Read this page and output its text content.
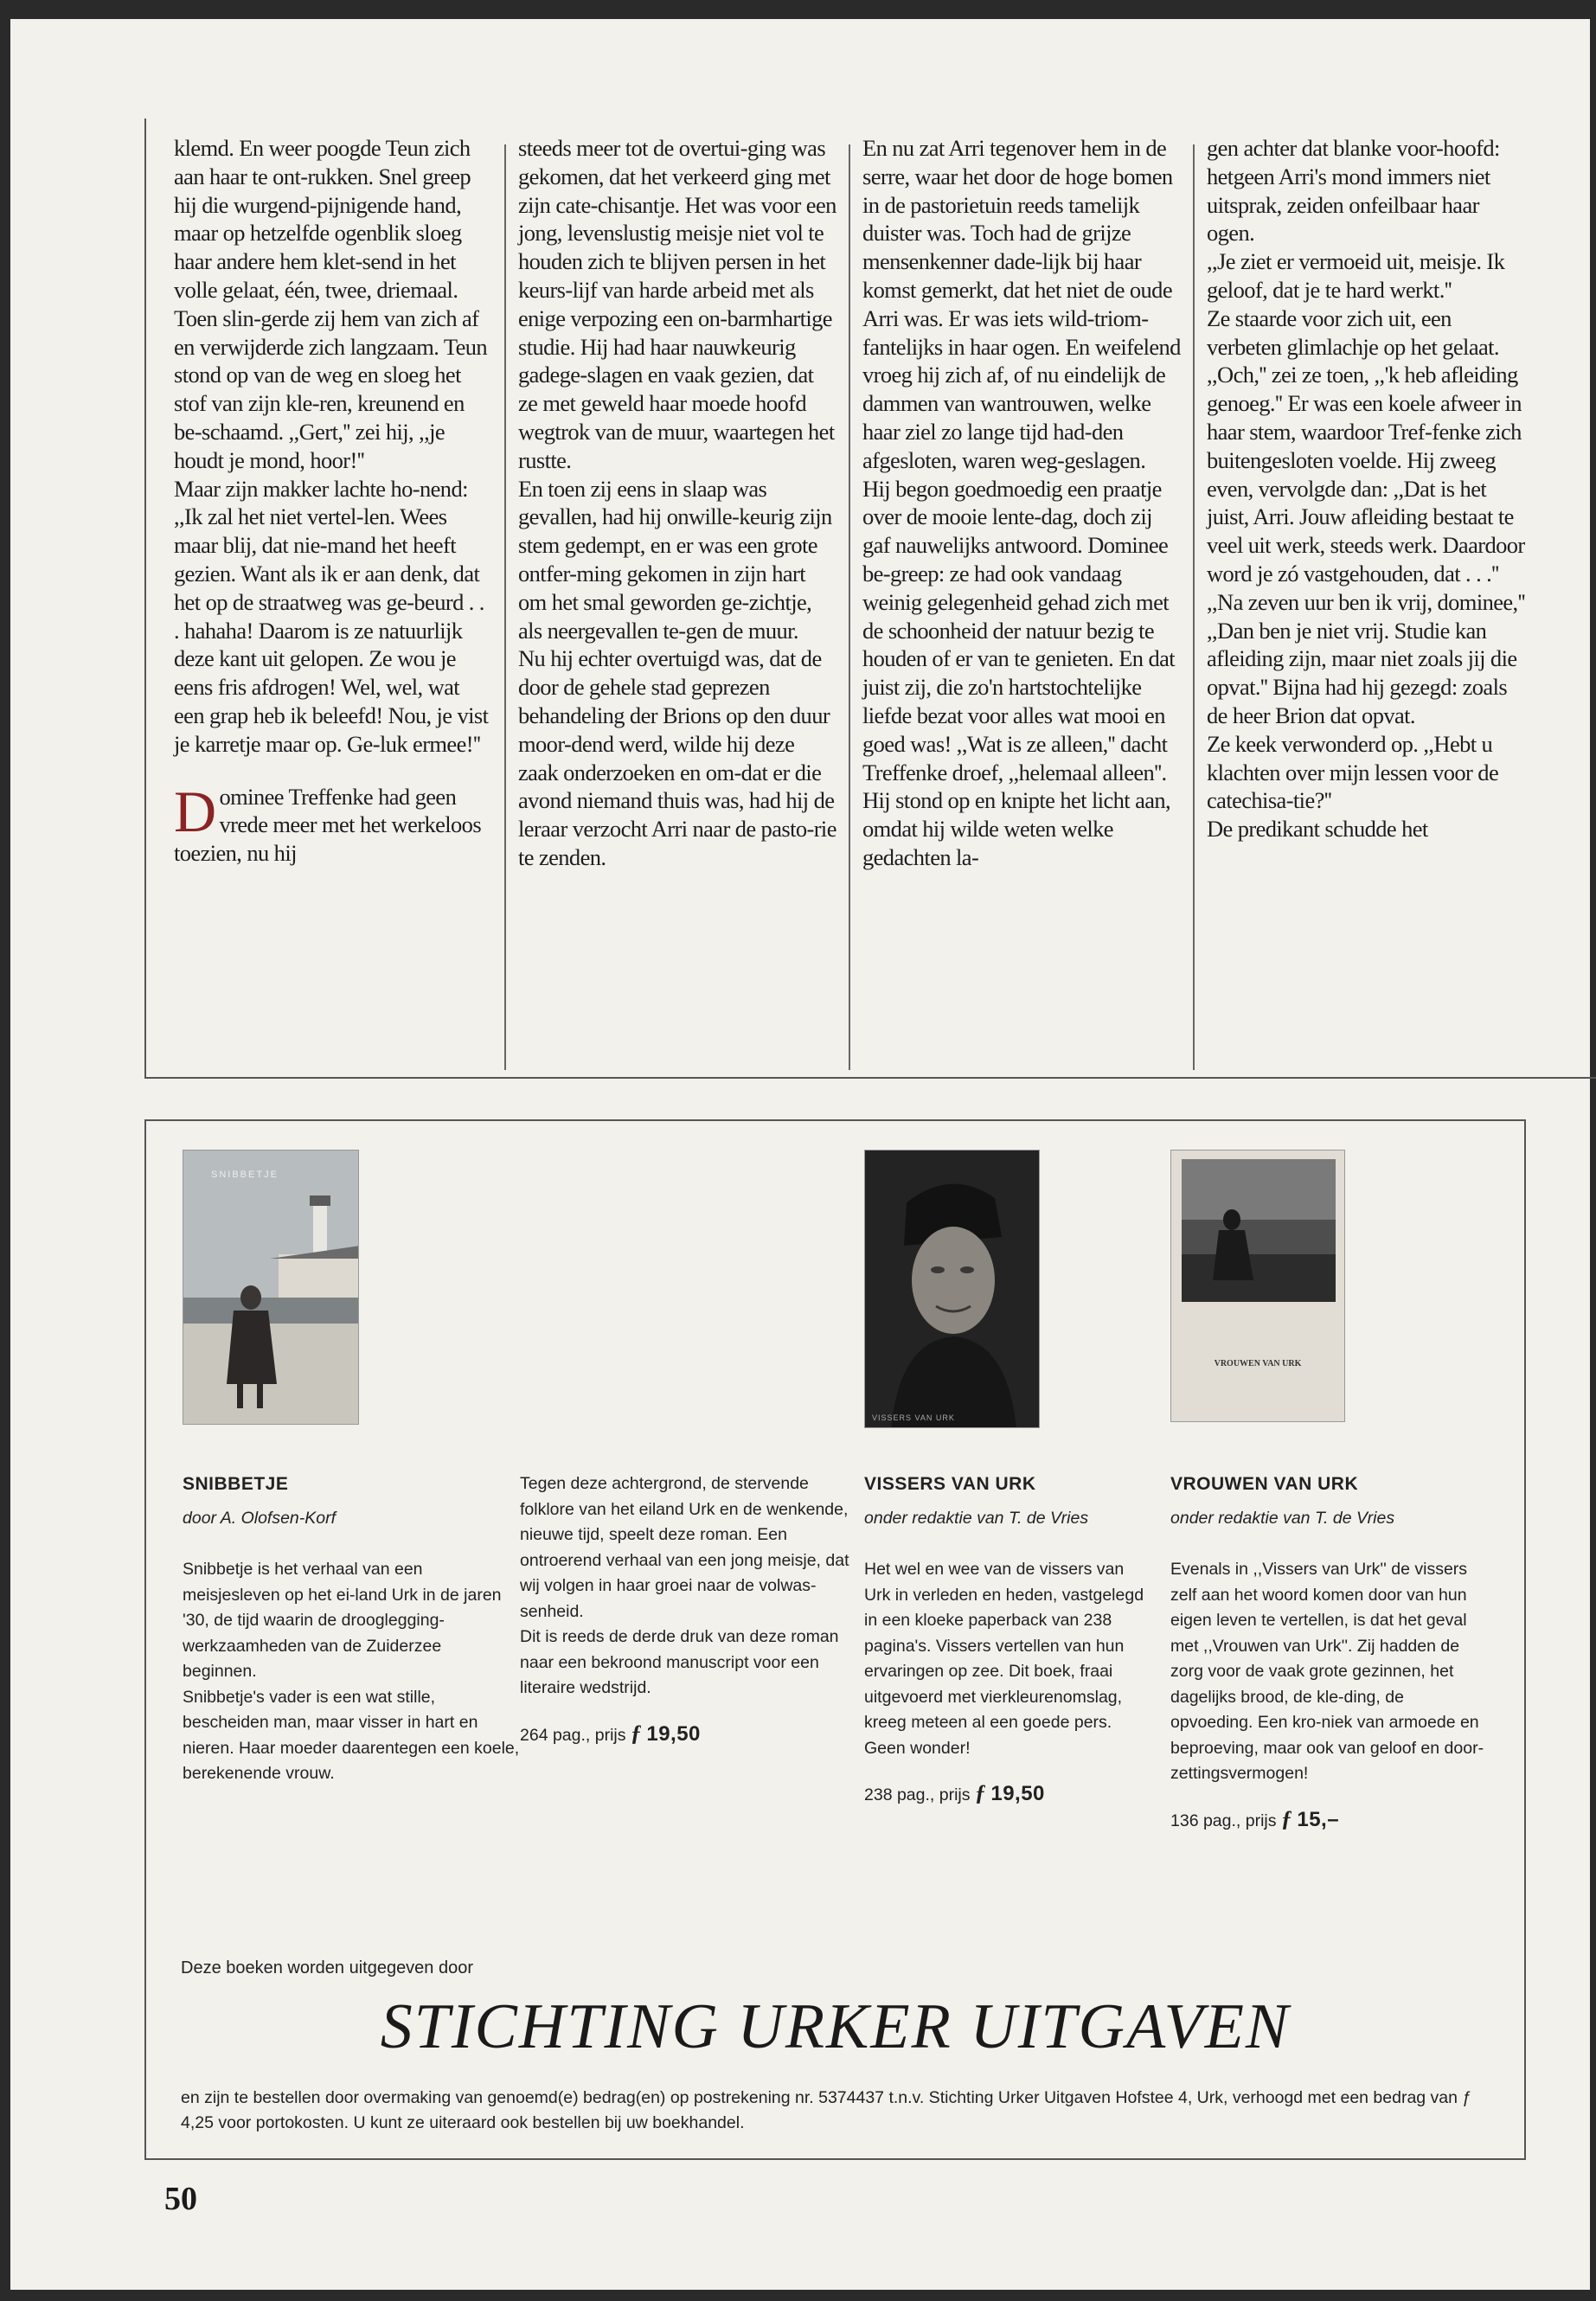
klemd. En weer poogde Teun zich aan haar te ont-rukken. Snel greep hij die wurgend-pijnigende hand, maar op hetzelfde ogenblik sloeg haar andere hem klet-send in het volle gelaat, één, twee, driemaal. Toen slin-gerde zij hem van zich af en verwijderde zich langzaam. Teun stond op van de weg en sloeg het stof van zijn kle-ren, kreunend en be-schaamd. ,,Gert,'' zei hij, ,,je houdt je mond, hoor!''

Maar zijn makker lachte ho-nend: ,,Ik zal het niet vertel-len. Wees maar blij, dat nie-mand het heeft gezien. Want als ik er aan denk, dat het op de straatweg was ge-beurd . . . hahaha! Daarom is ze natuurlijk deze kant uit gelopen. Ze wou je eens fris afdrogen! Wel, wel, wat een grap heb ik beleefd! Nou, je vist je karretje maar op. Ge-luk ermee!''

Dominee Treffenke had geen vrede meer met het werkeloos toezien, nu hij

steeds meer tot de overtui-ging was gekomen, dat het verkeerd ging met zijn cate-chisantje. Het was voor een jong, levenslustig meisje niet vol te houden zich te blijven persen in het keurs-lijf van harde arbeid met als enige verpozing een on-barmhartige studie. Hij had haar nauwkeurig gadege-slagen en vaak gezien, dat ze met geweld haar moede hoofd wegtrok van de muur, waartegen het rustte.

En toen zij eens in slaap was gevallen, had hij onwille-keurig zijn stem gedempt, en er was een grote ontfer-ming gekomen in zijn hart om het smal geworden ge-zichtje, als neergevallen te-gen de muur.

Nu hij echter overtuigd was, dat de door de gehele stad geprezen behandeling der Brions op den duur moor-dend werd, wilde hij deze zaak onderzoeken en om-dat er die avond niemand thuis was, had hij de leraar verzocht Arri naar de pasto-rie te zenden.

En nu zat Arri tegenover hem in de serre, waar het door de hoge bomen in de pastorietuin reeds tamelijk duister was. Toch had de grijze mensenkenner dade-lijk bij haar komst gemerkt, dat het niet de oude Arri was. Er was iets wild-triom-fantelijks in haar ogen. En weifelend vroeg hij zich af, of nu eindelijk de dammen van wantrouwen, welke haar ziel zo lange tijd had-den afgesloten, waren weg-geslagen.

Hij begon goedmoedig een praatje over de mooie lente-dag, doch zij gaf nauwelijks antwoord. Dominee be-greep: ze had ook vandaag weinig gelegenheid gehad zich met de schoonheid der natuur bezig te houden of er van te genieten. En dat juist zij, die zo'n hartstochtelijke liefde bezat voor alles wat mooi en goed was! ,,Wat is ze alleen,'' dacht Treffenke droef, ,,helemaal alleen''. Hij stond op en knipte het licht aan, omdat hij wilde weten welke gedachten la-

gen achter dat blanke voor-hoofd: hetgeen Arri's mond immers niet uitsprak, zeiden onfeilbaar haar ogen.

,,Je ziet er vermoeid uit, meisje. Ik geloof, dat je te hard werkt.''

Ze staarde voor zich uit, een verbeten glimlachje op het gelaat. ,,Och,'' zei ze toen, ,,'k heb afleiding genoeg.'' Er was een koele afweer in haar stem, waardoor Tref-fenke zich buitengesloten voelde. Hij zweeg even, vervolgde dan: ,,Dat is het juist, Arri. Jouw afleiding bestaat te veel uit werk, steeds werk. Daardoor word je zó vastgehouden, dat . . .''

,,Na zeven uur ben ik vrij, dominee,''

,,Dan ben je niet vrij. Studie kan afleiding zijn, maar niet zoals jij die opvat.'' Bijna had hij gezegd: zoals de heer Brion dat opvat.

Ze keek verwonderd op. ,,Hebt u klachten over mijn lessen voor de catechisa-tie?''

De predikant schudde het

SNIBBETJE
VISSERS VAN URK
VROUWEN VAN URK

SNIBBETJE

door A. Olofsen-Korf

Snibbetje is het verhaal van een meisjesleven op het ei-land Urk in de jaren '30, de tijd waarin de drooglegging-werkzaamheden van de Zuiderzee beginnen.

Snibbetje's vader is een wat stille, bescheiden man, maar visser in hart en nieren. Haar moeder daarentegen een koele, berekenende vrouw.

Tegen deze achtergrond, de stervende folklore van het eiland Urk en de wenkende, nieuwe tijd, speelt deze roman. Een ontroerend verhaal van een jong meisje, dat wij volgen in haar groei naar de volwas-senheid.

Dit is reeds de derde druk van deze roman naar een bekroond manuscript voor een literaire wedstrijd.

264 pag., prijs ƒ 19,50

VISSERS VAN URK

onder redaktie van T. de Vries

Het wel en wee van de vissers van Urk in verleden en heden, vastgelegd in een kloeke paperback van 238 pagina's. Vissers vertellen van hun ervaringen op zee. Dit boek, fraai uitgevoerd met vierkleurenomslag, kreeg meteen al een goede pers. Geen wonder!

238 pag., prijs ƒ 19,50

VROUWEN VAN URK

onder redaktie van T. de Vries

Evenals in ,,Vissers van Urk'' de vissers zelf aan het woord komen door van hun eigen leven te vertellen, is dat het geval met ,,Vrouwen van Urk''. Zij hadden de zorg voor de vaak grote gezinnen, het dagelijks brood, de kle-ding, de opvoeding. Een kro-niek van armoede en beproeving, maar ook van geloof en door-zettingsvermogen!

136 pag., prijs ƒ 15,–

Deze boeken worden uitgegeven door
STICHTING URKER UITGAVEN
en zijn te bestellen door overmaking van genoemd(e) bedrag(en) op postrekening nr. 5374437 t.n.v. Stichting Urker Uitgaven Hofstee 4, Urk, verhoogd met een bedrag van ƒ 4,25 voor portokosten. U kunt ze uiteraard ook bestellen bij uw boekhandel.
50
